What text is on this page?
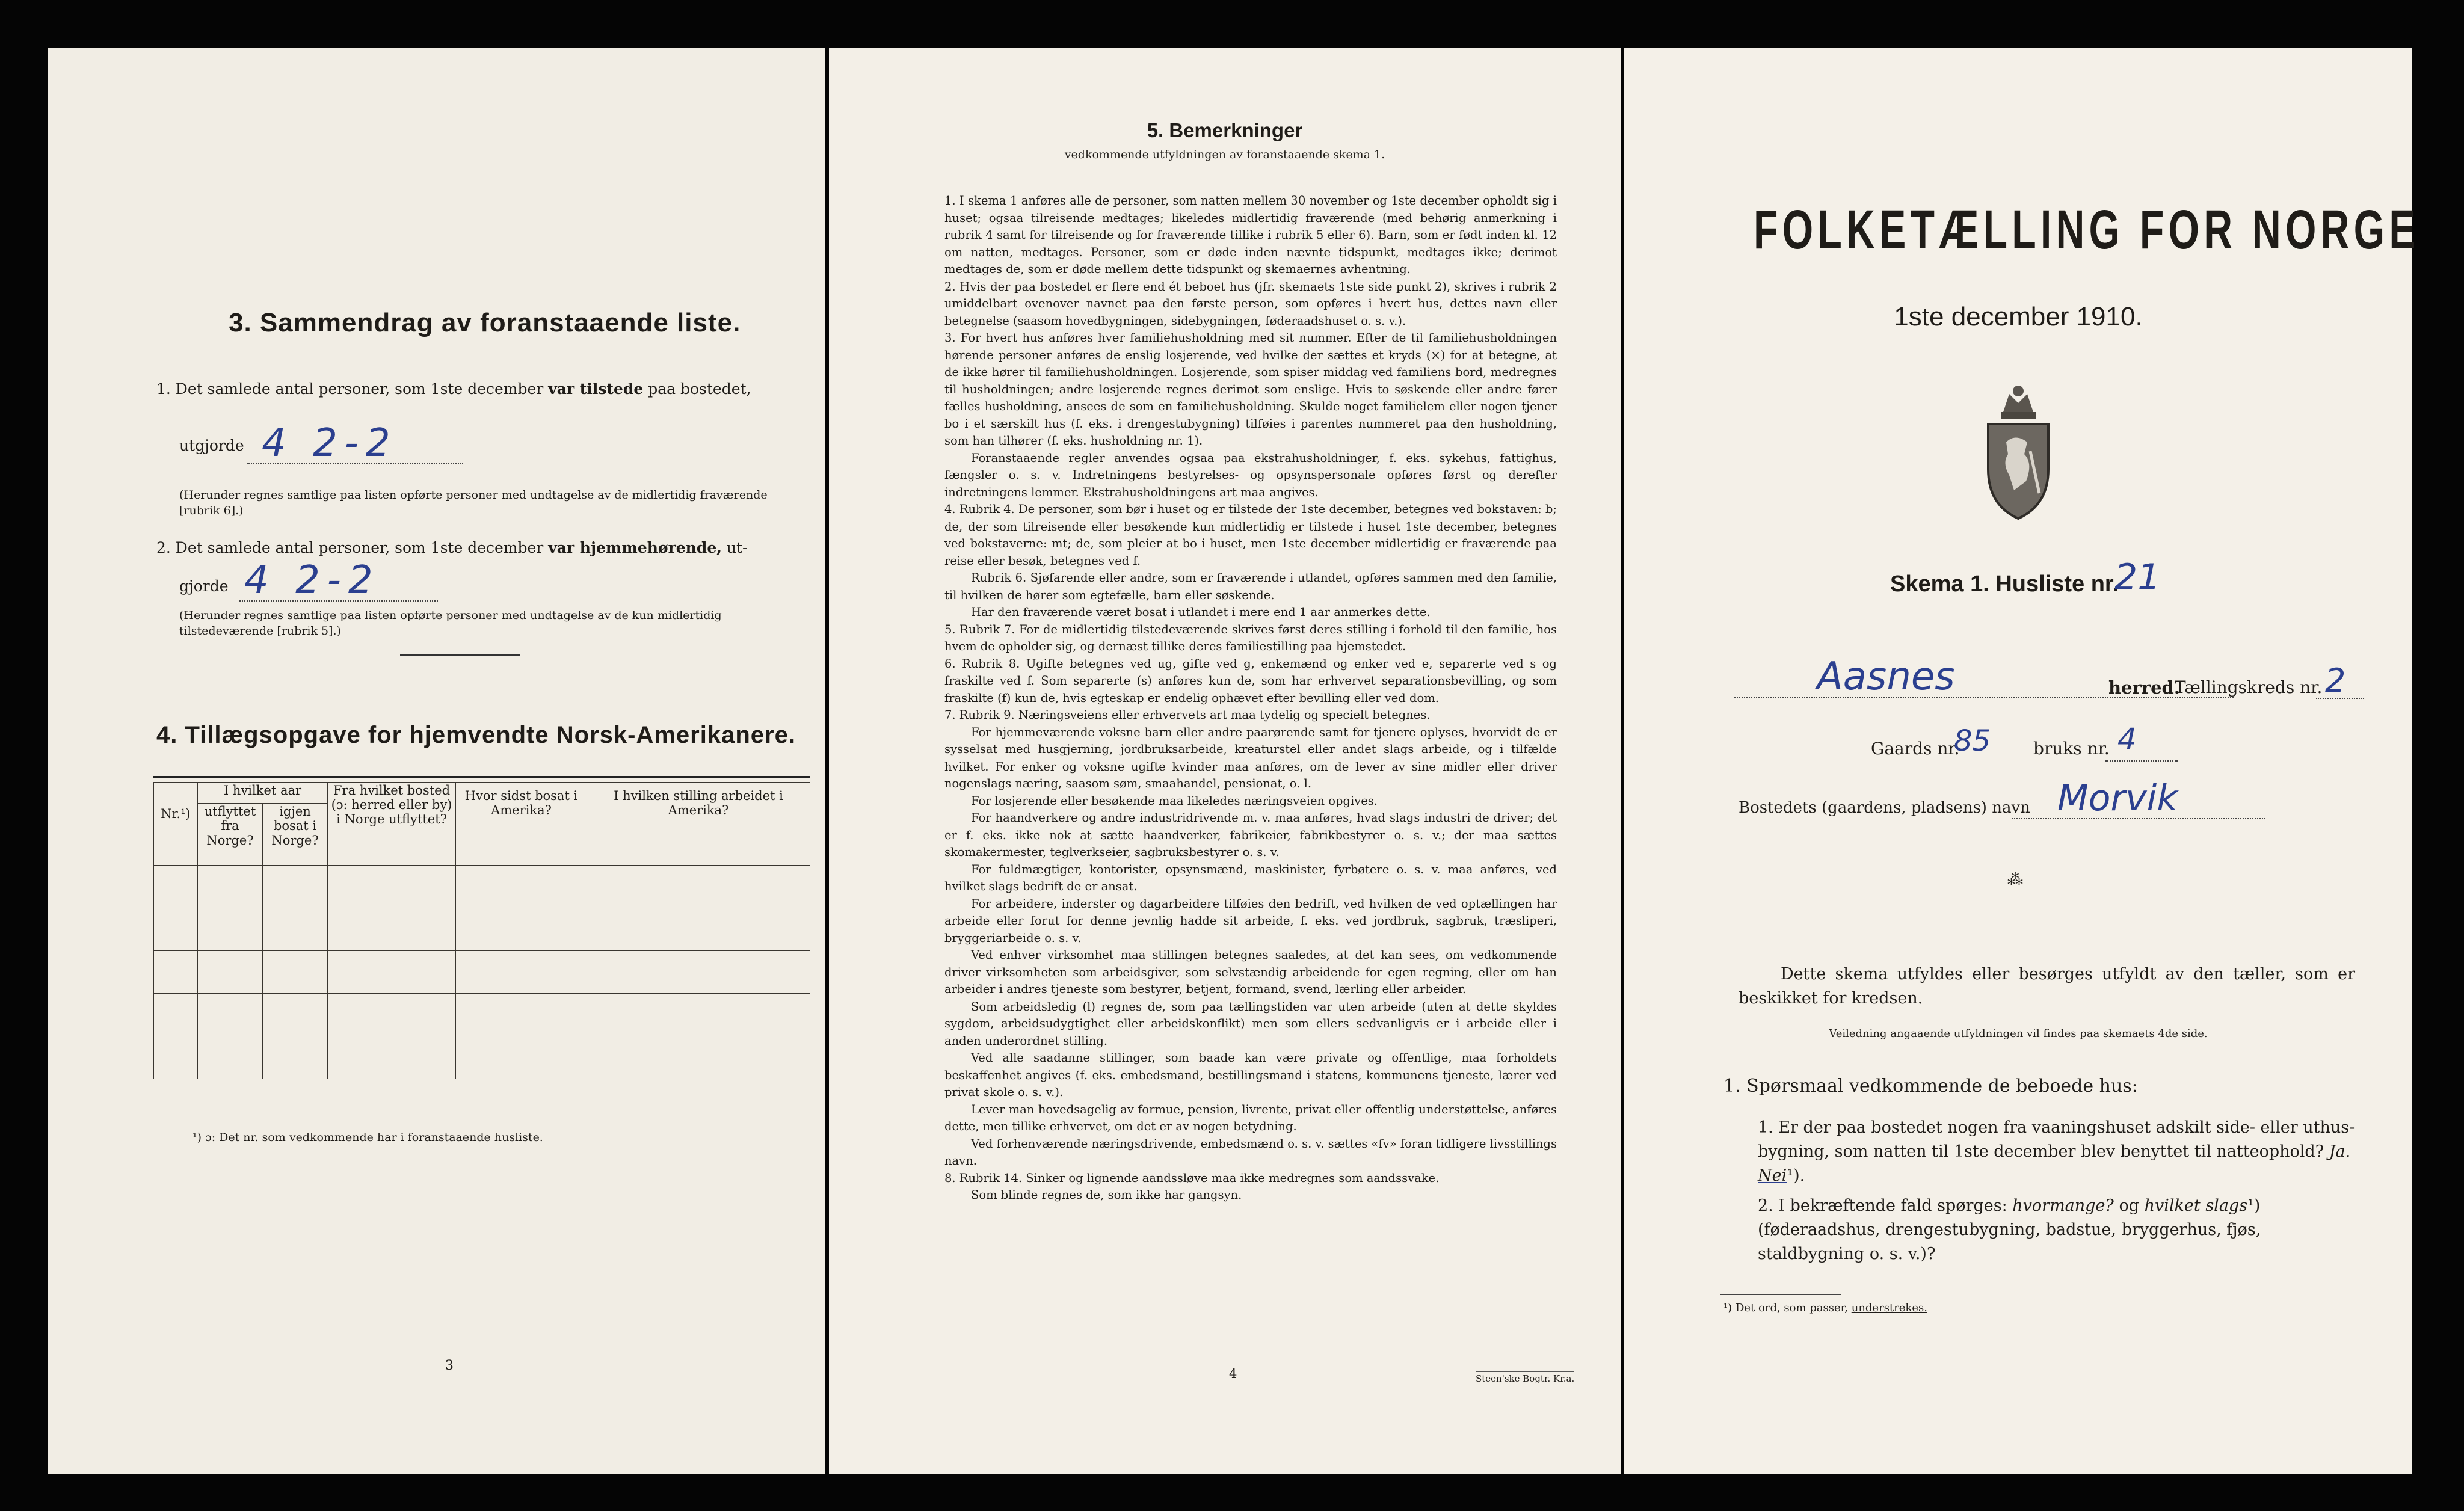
3. Sammendrag av foranstaaende liste.
1. Det samlede antal personer, som 1ste december var tilstede paa bostedet,
utgjorde 4 2-2
(Herunder regnes samtlige paa listen opførte personer med undtagelse av de midlertidig fraværende [rubrik 6].)
2. Det samlede antal personer, som 1ste december var hjemmehørende, ut-
gjorde 4 2-2
(Herunder regnes samtlige paa listen opførte personer med undtagelse av de kun midlertidig tilstedeværende [rubrik 5].)
4. Tillægsopgave for hjemvendte Norsk-Amerikanere.
Nr.¹)	I hvilket aar		Fra hvilket bosted (ɔ: herred eller by) i Norge utflyttet?	Hvor sidst bosat i Amerika?	I hvilken stilling arbeidet i Amerika?
	utflyttet fra Norge?	igjen bosat i Norge?			

¹) ɔ: Det nr. som vedkommende har i foranstaaende husliste.
3
5. Bemerkninger
vedkommende utfyldningen av foranstaaende skema 1.

1. I skema 1 anføres alle de personer, som natten mellem 30 november og 1ste december opholdt sig i huset; ogsaa tilreisende medtages; likeledes midlertidig fraværende (med behørig anmerkning i rubrik 4 samt for tilreisende og for fraværende tillike i rubrik 5 eller 6). Barn, som er født inden kl. 12 om natten, medtages. Personer, som er døde inden nævnte tidspunkt, medtages ikke; derimot medtages de, som er døde mellem dette tidspunkt og skemaernes avhentning.

2. Hvis der paa bostedet er flere end ét beboet hus (jfr. skemaets 1ste side punkt 2), skrives i rubrik 2 umiddelbart ovenover navnet paa den første person, som opføres i hvert hus, dettes navn eller betegnelse (saasom hovedbygningen, sidebygningen, føderaadshuset o. s. v.).

3. For hvert hus anføres hver familiehusholdning med sit nummer. Efter de til familiehusholdningen hørende personer anføres de enslig losjerende, ved hvilke der sættes et kryds (×) for at betegne, at de ikke hører til familiehusholdningen. Losjerende, som spiser middag ved familiens bord, medregnes til husholdningen; andre losjerende regnes derimot som enslige. Hvis to søskende eller andre fører fælles husholdning, ansees de som en familiehusholdning. Skulde noget familielem eller nogen tjener bo i et særskilt hus (f. eks. i drengestubygning) tilføies i parentes nummeret paa den husholdning, som han tilhører (f. eks. husholdning nr. 1).

Foranstaaende regler anvendes ogsaa paa ekstrahusholdninger, f. eks. sykehus, fattighus, fængsler o. s. v. Indretningens bestyrelses- og opsynspersonale opføres først og derefter indretningens lemmer. Ekstrahusholdningens art maa angives.

4. Rubrik 4. De personer, som bør i huset og er tilstede der 1ste december, betegnes ved bokstaven: b; de, der som tilreisende eller besøkende kun midlertidig er tilstede i huset 1ste december, betegnes ved bokstaverne: mt; de, som pleier at bo i huset, men 1ste december midlertidig er fraværende paa reise eller besøk, betegnes ved f.

Rubrik 6. Sjøfarende eller andre, som er fraværende i utlandet, opføres sammen med den familie, til hvilken de hører som egtefælle, barn eller søskende.

Har den fraværende været bosat i utlandet i mere end 1 aar anmerkes dette.

5. Rubrik 7. For de midlertidig tilstedeværende skrives først deres stilling i forhold til den familie, hos hvem de opholder sig, og dernæst tillike deres familiestilling paa hjemstedet.

6. Rubrik 8. Ugifte betegnes ved ug, gifte ved g, enkemænd og enker ved e, separerte ved s og fraskilte ved f. Som separerte (s) anføres kun de, som har erhvervet separationsbevilling, og som fraskilte (f) kun de, hvis egteskap er endelig ophævet efter bevilling eller ved dom.

7. Rubrik 9. Næringsveiens eller erhvervets art maa tydelig og specielt betegnes.

For hjemmeværende voksne barn eller andre paarørende samt for tjenere oplyses, hvorvidt de er sysselsat med husgjerning, jordbruksarbeide, kreaturstel eller andet slags arbeide, og i tilfælde hvilket. For enker og voksne ugifte kvinder maa anføres, om de lever av sine midler eller driver nogenslags næring, saasom søm, smaahandel, pensionat, o. l.

For losjerende eller besøkende maa likeledes næringsveien opgives.

For haandverkere og andre industridrivende m. v. maa anføres, hvad slags industri de driver; det er f. eks. ikke nok at sætte haandverker, fabrikeier, fabrikbestyrer o. s. v.; der maa sættes skomakermester, teglverkseier, sagbruksbestyrer o. s. v.

For fuldmægtiger, kontorister, opsynsmænd, maskinister, fyrbøtere o. s. v. maa anføres, ved hvilket slags bedrift de er ansat.

For arbeidere, inderster og dagarbeidere tilføies den bedrift, ved hvilken de ved optællingen har arbeide eller forut for denne jevnlig hadde sit arbeide, f. eks. ved jordbruk, sagbruk, træsliperi, bryggeriarbeide o. s. v.

Ved enhver virksomhet maa stillingen betegnes saaledes, at det kan sees, om vedkommende driver virksomheten som arbeidsgiver, som selvstændig arbeidende for egen regning, eller om han arbeider i andres tjeneste som bestyrer, betjent, formand, svend, lærling eller arbeider.

Som arbeidsledig (l) regnes de, som paa tællingstiden var uten arbeide (uten at dette skyldes sygdom, arbeidsudygtighet eller arbeidskonflikt) men som ellers sedvanligvis er i arbeide eller i anden underordnet stilling.

Ved alle saadanne stillinger, som baade kan være private og offentlige, maa forholdets beskaffenhet angives (f. eks. embedsmand, bestillingsmand i statens, kommunens tjeneste, lærer ved privat skole o. s. v.).

Lever man hovedsagelig av formue, pension, livrente, privat eller offentlig understøttelse, anføres dette, men tillike erhvervet, om det er av nogen betydning.

Ved forhenværende næringsdrivende, embedsmænd o. s. v. sættes «fv» foran tidligere livsstillings navn.

8. Rubrik 14. Sinker og lignende aandssløve maa ikke medregnes som aandssvake.

Som blinde regnes de, som ikke har gangsyn.

4	Steen'ske Bogtr. Kr.a.
FOLKETÆLLING FOR NORGE
1ste december 1910.
Skema 1. Husliste nr.
21
Aasnes	herred.
Tællingskreds nr. 2
Gaards nr.
85	bruks nr. 4
Bostedets (gaardens, pladsens) navn Morvik
⁂
Dette skema utfyldes eller besørges utfyldt av den tæller, som er beskikket for kredsen.
Veiledning angaaende utfyldningen vil findes paa skemaets 4de side.
1. Spørsmaal vedkommende de beboede hus:
1. Er der paa bostedet nogen fra vaaningshuset adskilt side- eller uthus-bygning, som natten til 1ste december blev benyttet til natteophold? Ja. Nei¹).
2. I bekræftende fald spørges: hvormange? og hvilket slags¹) (føderaadshus, drengestubygning, badstue, bryggerhus, fjøs, staldbygning o. s. v.)?
¹) Det ord, som passer, understrekes.
